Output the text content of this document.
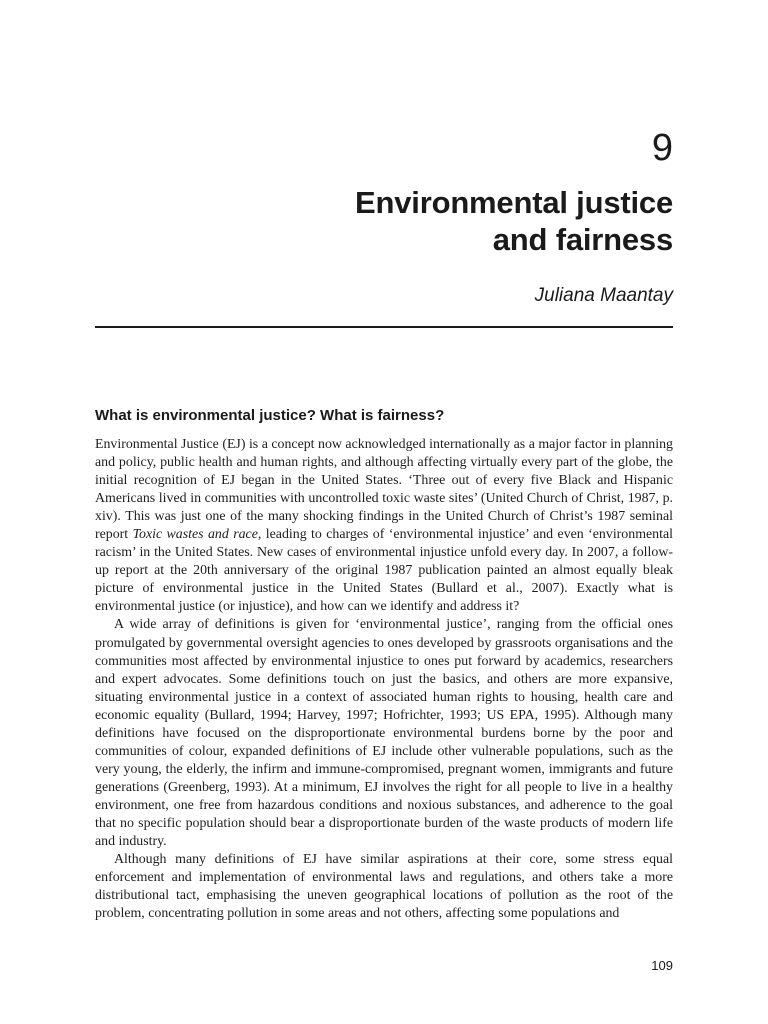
9
Environmental justice
and fairness
Juliana Maantay
What is environmental justice? What is fairness?

Environmental Justice (EJ) is a concept now acknowledged internationally as a major factor in planning and policy, public health and human rights, and although affecting virtually every part of the globe, the initial recognition of EJ began in the United States. ‘Three out of every five Black and Hispanic Americans lived in communities with uncontrolled toxic waste sites’ (United Church of Christ, 1987, p. xiv). This was just one of the many shocking findings in the United Church of Christ’s 1987 seminal report Toxic wastes and race, leading to charges of ‘environmental injustice’ and even ‘environmental racism’ in the United States. New cases of environmental injustice unfold every day. In 2007, a follow-up report at the 20th anniversary of the original 1987 publication painted an almost equally bleak picture of environmental justice in the United States (Bullard et al., 2007). Exactly what is environmental justice (or injustice), and how can we identify and address it?

A wide array of definitions is given for ‘environmental justice’, ranging from the official ones promulgated by governmental oversight agencies to ones developed by grassroots organisations and the communities most affected by environmental injustice to ones put forward by academics, researchers and expert advocates. Some definitions touch on just the basics, and others are more expansive, situating environmental justice in a context of associated human rights to housing, health care and economic equality (Bullard, 1994; Harvey, 1997; Hofrichter, 1993; US EPA, 1995). Although many definitions have focused on the disproportionate environmental burdens borne by the poor and communities of colour, expanded definitions of EJ include other vulnerable populations, such as the very young, the elderly, the infirm and immune-compromised, pregnant women, immigrants and future generations (Greenberg, 1993). At a minimum, EJ involves the right for all people to live in a healthy environment, one free from hazardous conditions and noxious substances, and adherence to the goal that no specific population should bear a disproportionate burden of the waste products of modern life and industry.

Although many definitions of EJ have similar aspirations at their core, some stress equal enforcement and implementation of environmental laws and regulations, and others take a more distributional tact, emphasising the uneven geographical locations of pollution as the root of the problem, concentrating pollution in some areas and not others, affecting some populations and

109
